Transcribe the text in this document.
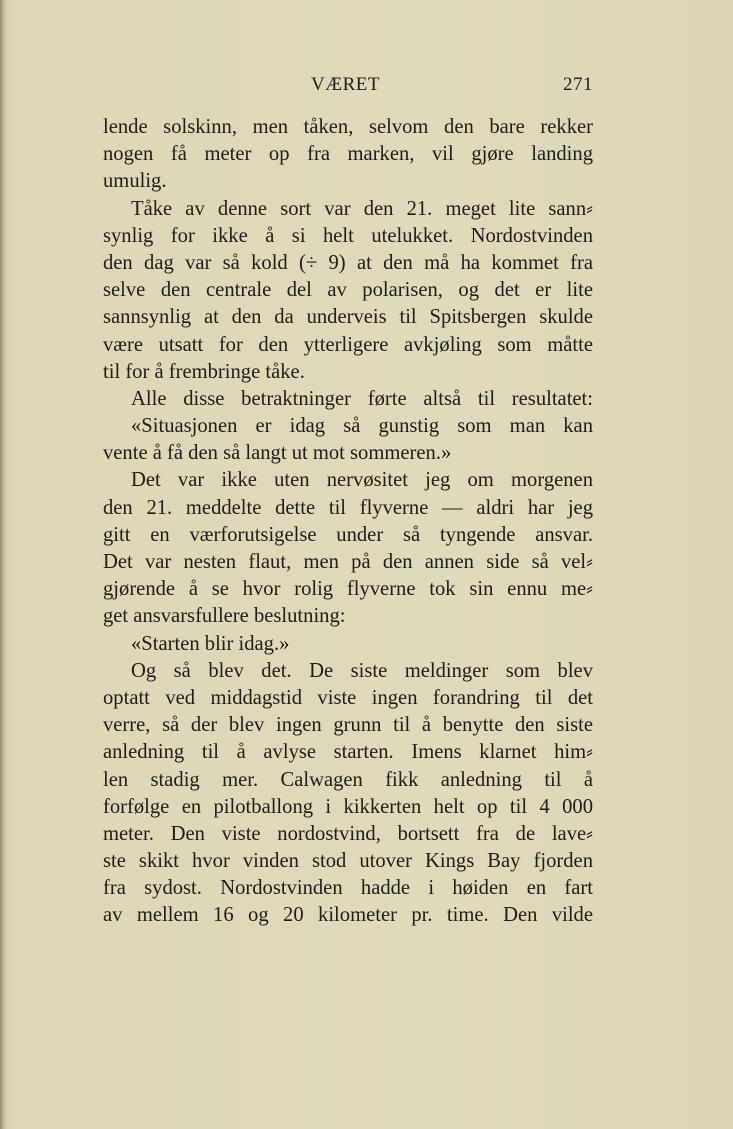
VÆRET	271
lende solskinn, men tåken, selvom den bare rekker
nogen få meter op fra marken, vil gjøre landing
umulig.
Tåke av denne sort var den 21. meget lite sann⸗
synlig for ikke å si helt utelukket. Nordostvinden
den dag var så kold (÷ 9) at den må ha kommet fra
selve den centrale del av polarisen, og det er lite
sannsynlig at den da underveis til Spitsbergen skulde
være utsatt for den ytterligere avkjøling som måtte
til for å frembringe tåke.
Alle disse betraktninger førte altså til resultatet:
«Situasjonen er idag så gunstig som man kan
vente å få den så langt ut mot sommeren.»
Det var ikke uten nervøsitet jeg om morgenen
den 21. meddelte dette til flyverne — aldri har jeg
gitt en værforutsigelse under så tyngende ansvar.
Det var nesten flaut, men på den annen side så vel⸗
gjørende å se hvor rolig flyverne tok sin ennu me⸗
get ansvarsfullere beslutning:
«Starten blir idag.»
Og så blev det. De siste meldinger som blev
optatt ved middagstid viste ingen forandring til det
verre, så der blev ingen grunn til å benytte den siste
anledning til å avlyse starten. Imens klarnet him⸗
len stadig mer. Calwagen fikk anledning til å
forfølge en pilotballong i kikkerten helt op til 4 000
meter. Den viste nordostvind, bortsett fra de lave⸗
ste skikt hvor vinden stod utover Kings Bay fjorden
fra sydost. Nordostvinden hadde i høiden en fart
av mellem 16 og 20 kilometer pr. time. Den vilde
